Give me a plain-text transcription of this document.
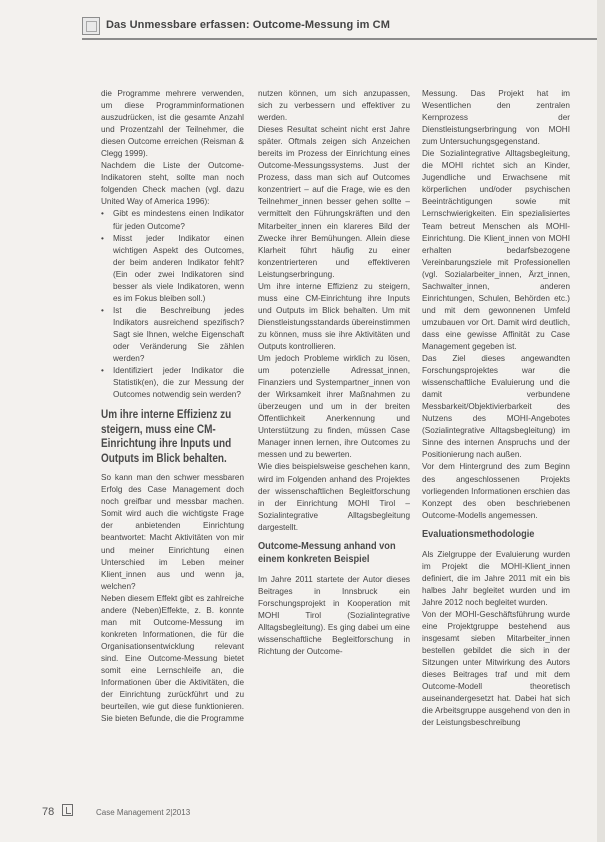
Das Unmessbare erfassen: Outcome-Messung im CM

die Programme mehrere verwenden, um diese Programminformationen auszudrücken, ist die gesamte Anzahl und Prozentzahl der Teilnehmer, die diesen Outcome erreichen (Reisman & Clegg 1999).

Nachdem die Liste der Outcome-Indikatoren steht, sollte man noch folgenden Check machen (vgl. dazu United Way of America 1996):

• Gibt es mindestens einen Indikator für jeden Outcome?

• Misst jeder Indikator einen wichtigen Aspekt des Outcomes, der beim anderen Indikator fehlt? (Ein oder zwei Indikatoren sind besser als viele Indikatoren, wenn es im Fokus bleiben soll.)

• Ist die Beschreibung jedes Indikators ausreichend spezifisch? Sagt sie Ihnen, welche Eigenschaft oder Veränderung Sie zählen werden?

• Identifiziert jeder Indikator die Statistik(en), die zur Messung der Outcomes notwendig sein werden?

Um ihre interne Effizienz zu steigern, muss eine CM-Einrichtung ihre Inputs und Outputs im Blick behalten.

So kann man den schwer messbaren Erfolg des Case Management doch noch greifbar und messbar machen. Somit wird auch die wichtigste Frage der anbietenden Einrichtung beantwortet: Macht Aktivitäten von mir und meiner Einrichtung einen Unterschied im Leben meiner Klient_innen aus und wenn ja, welchen?

Neben diesem Effekt gibt es zahlreiche andere (Neben)Effekte, z. B. konnte man mit Outcome-Messung im konkreten Informationen, die für die Organisationsentwicklung relevant sind. Eine Outcome-Messung bietet somit eine Lernschleife an, die Informationen über die Aktivitäten, die der Einrichtung zurückführt und zu beurteilen, wie gut diese funktionieren. Sie bieten Befunde, die die Programme

nutzen können, um sich anzupassen, sich zu verbessern und effektiver zu werden.

Dieses Resultat scheint nicht erst Jahre später. Oftmals zeigen sich Anzeichen bereits im Prozess der Einrichtung eines Outcome-Messungssystems. Just der Prozess, dass man sich auf Outcomes konzentriert – auf die Frage, wie es den Teilnehmer_innen besser gehen sollte – vermittelt den Führungskräften und den Mitarbeiter_innen ein klareres Bild der Zwecke ihrer Bemühungen. Allein diese Klarheit führt häufig zu einer konzentrierteren und effektiveren Leistungserbringung.

Um ihre interne Effizienz zu steigern, muss eine CM-Einrichtung ihre Inputs und Outputs im Blick behalten. Um mit Dienstleistungsstandards übereinstimmen zu können, muss sie ihre Aktivitäten und Outputs kontrollieren.

Um jedoch Probleme wirklich zu lösen, um potenzielle Adressat_innen, Finanziers und Systempartner_innen von der Wirksamkeit ihrer Maßnahmen zu überzeugen und um in der breiten Öffentlichkeit Anerkennung und Unterstützung zu finden, müssen Case Manager innen lernen, ihre Outcomes zu messen und zu bewerten.

Wie dies beispielsweise geschehen kann, wird im Folgenden anhand des Projektes der wissenschaftlichen Begleitforschung in der Einrichtung MOHI Tirol – Sozialintegrative Alltagsbegleitung dargestellt.

Outcome-Messung anhand von einem konkreten Beispiel

Im Jahre 2011 startete der Autor dieses Beitrages in Innsbruck ein Forschungsprojekt in Kooperation mit MOHI Tirol (Sozialintegrative Alltagsbegleitung). Es ging dabei um eine wissenschaftliche Begleitforschung in Richtung der Outcome-

Messung. Das Projekt hat im Wesentlichen den zentralen Kernprozess der Dienstleistungserbringung von MOHI zum Untersuchungsgegenstand.

Die Sozialintegrative Alltagsbegleitung, die MOHI richtet sich an Kinder, Jugendliche und Erwachsene mit körperlichen und/oder psychischen Beeinträchtigungen sowie mit Lernschwierigkeiten. Ein spezialisiertes Team betreut Menschen als MOHI-Einrichtung. Die Klient_innen von MOHI erhalten bedarfsbezogene Vereinbarungsziele mit Professionellen (vgl. Sozialarbeiter_innen, Ärzt_innen, Sachwalter_innen, anderen Einrichtungen, Schulen, Behörden etc.) und mit dem gewonnenen Umfeld umzubauen vor Ort. Damit wird deutlich, dass eine gewisse Affinität zu Case Management gegeben ist.

Das Ziel dieses angewandten Forschungsprojektes war die wissenschaftliche Evaluierung und die damit verbundene Messbarkeit/Objektivierbarkeit des Nutzens des MOHI-Angebotes (Sozialintegrative Alltagsbegleitung) im Sinne des internen Anspruchs und der Positionierung nach außen.

Vor dem Hintergrund des zum Beginn des angeschlossenen Projekts vorliegenden Informationen erschien das Konzept des oben beschriebenen Outcome-Modells angemessen.

Evaluationsmethodologie

Als Zielgruppe der Evaluierung wurden im Projekt die MOHI-Klient_innen definiert, die im Jahre 2011 mit ein bis halbes Jahr begleitet wurden und im Jahre 2012 noch begleitet wurden.

Von der MOHI-Geschäftsführung wurde eine Projektgruppe bestehend aus insgesamt sieben Mitarbeiter_innen bestellen gebildet die sich in der Sitzungen unter Mitwirkung des Autors dieses Beitrages traf und mit dem Outcome-Modell theoretisch auseinandergesetzt hat. Dabei hat sich die Arbeitsgruppe ausgehend von den in der Leistungsbeschreibung

78	Case Management 2|2013
